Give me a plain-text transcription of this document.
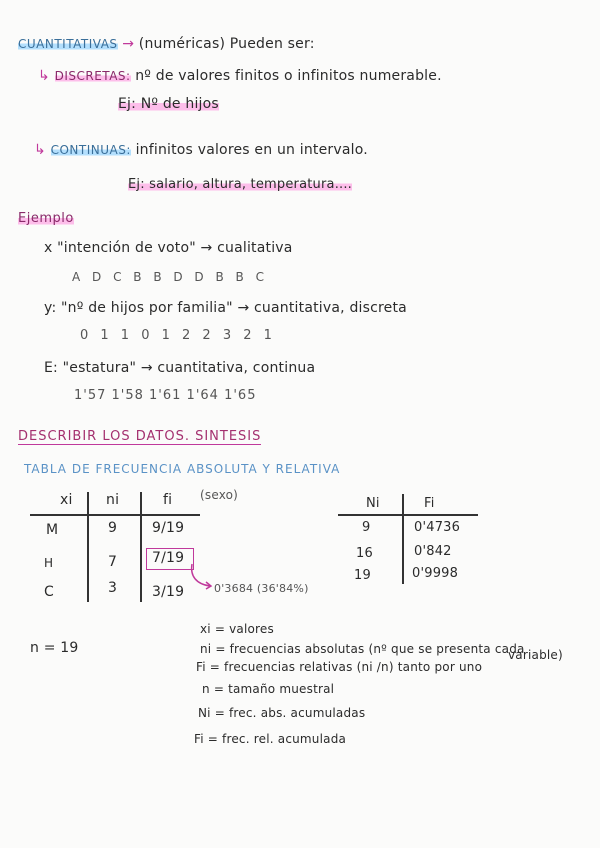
CUANTITATIVAS → (numéricas) Pueden ser:
↳ DISCRETAS: nº de valores finitos o infinitos numerable.
Ej: Nº de hijos
↳ CONTINUAS: infinitos valores en un intervalo.
Ej: salario, altura, temperatura....
Ejemplo
x "intención de voto" → cualitativa
A D C B B D D B B C
y: "nº de hijos por familia" → cuantitativa, discreta
0 1 1 0 1 2 2 3 2 1
E: "estatura" → cuantitativa, continua
1'57 1'58 1'61 1'64 1'65
DESCRIBIR LOS DATOS. SINTESIS
TABLA DE FRECUENCIA ABSOLUTA Y RELATIVA
(sexo)
xi ni	fi
M	9 9/19
H	7 7/19
C	3 3/19	0'3684 (36'84%)
Ni	Fi
9	0'4736
16	0'842
19	0'9998
n = 19
xi = valores
ni = frecuencias absolutas (nº que se presenta cada
variable)
Fi = frecuencias relativas (ni /n) tanto por uno
n = tamaño muestral
Ni = frec. abs. acumuladas
Fi = frec. rel. acumulada
